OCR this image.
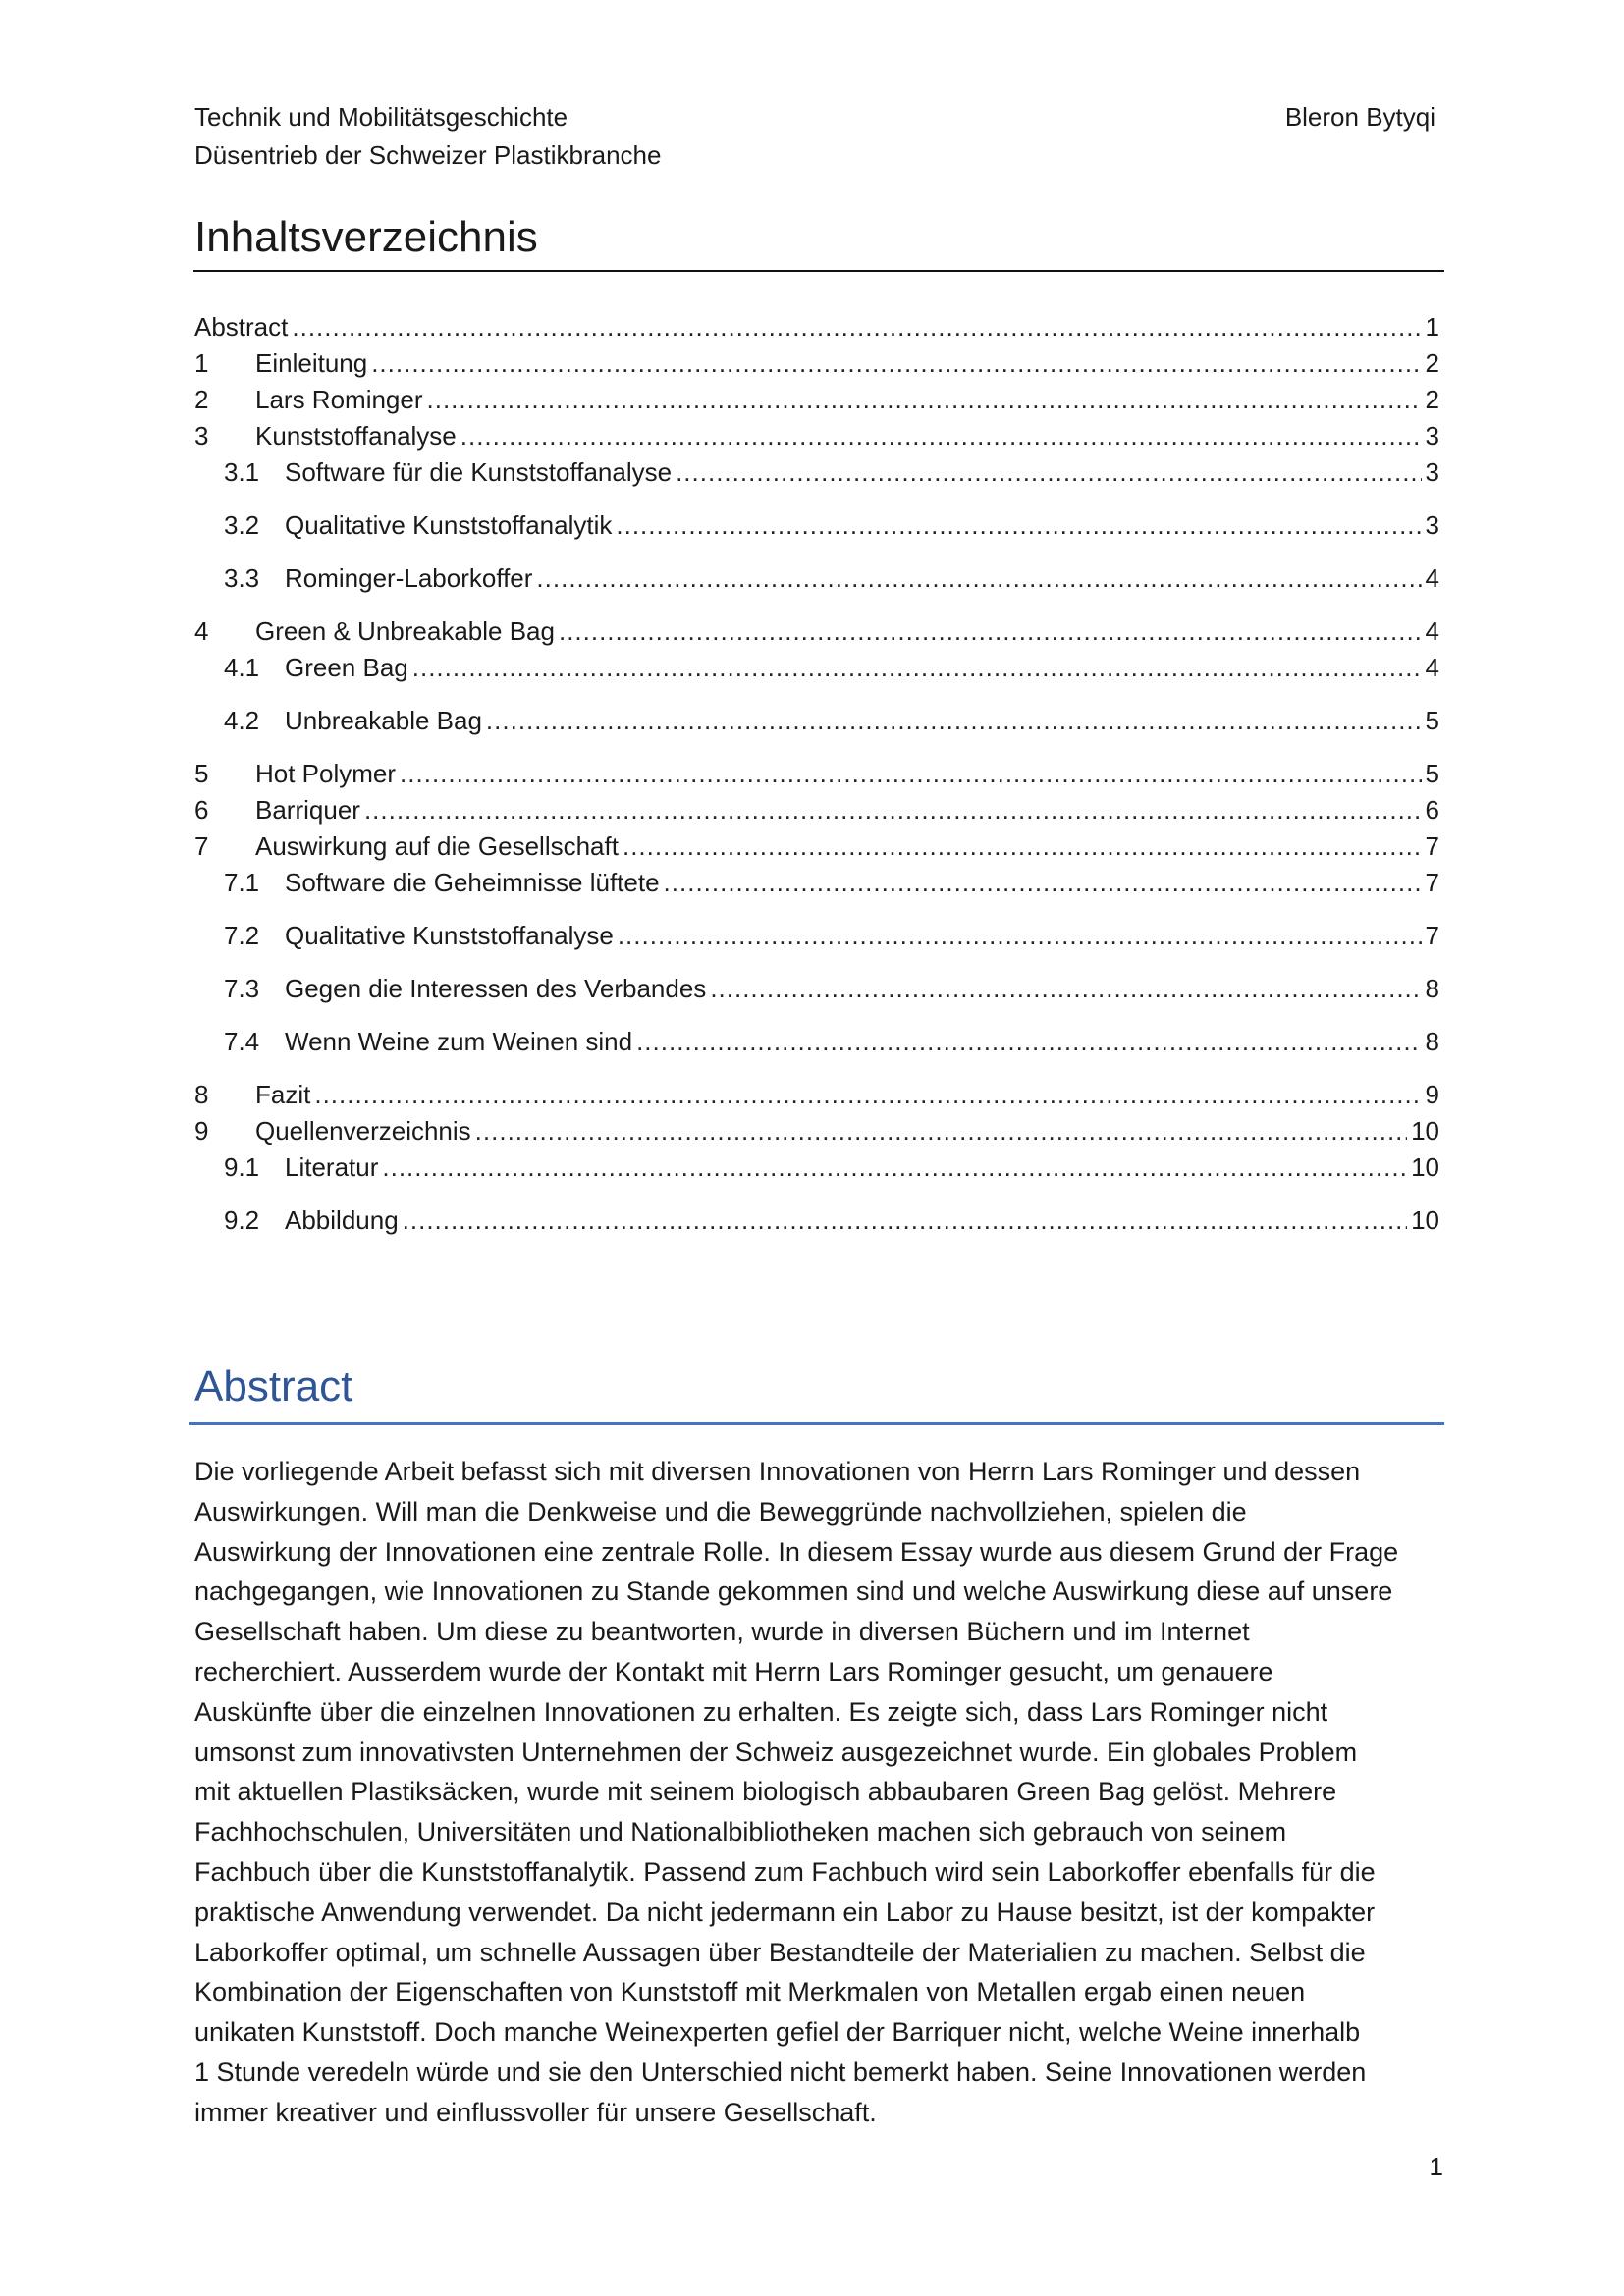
Technik und Mobilitätsgeschichte
Düsentrieb der Schweizer Plastikbranche
Bleron Bytyqi
Inhaltsverzeichnis
Abstract .....	1
1	Einleitung .....	2
2	Lars Rominger .....	2
3	Kunststoffanalyse .....	3
3.1 Software für die Kunststoffanalyse .....	3
3.2 Qualitative Kunststoffanalytik .....	3
3.3 Rominger-Laborkoffer .....	4
4	Green & Unbreakable Bag .....	4
4.1 Green Bag .....	4
4.2 Unbreakable Bag .....	5
5	Hot Polymer .....	5
6	Barriquer .....	6
7	Auswirkung auf die Gesellschaft .....	7
7.1 Software die Geheimnisse lüftete .....	7
7.2 Qualitative Kunststoffanalyse .....	7
7.3 Gegen die Interessen des Verbandes .....	8
7.4 Wenn Weine zum Weinen sind .....	8
8	Fazit .....	9
9	Quellenverzeichnis .....	10
9.1 Literatur .....	10
9.2 Abbildung .....	10
Abstract

Die vorliegende Arbeit befasst sich mit diversen Innovationen von Herrn Lars Rominger und dessen
Auswirkungen. Will man die Denkweise und die Beweggründe nachvollziehen, spielen die
Auswirkung der Innovationen eine zentrale Rolle. In diesem Essay wurde aus diesem Grund der Frage
nachgegangen, wie Innovationen zu Stande gekommen sind und welche Auswirkung diese auf unsere
Gesellschaft haben. Um diese zu beantworten, wurde in diversen Büchern und im Internet
recherchiert. Ausserdem wurde der Kontakt mit Herrn Lars Rominger gesucht, um genauere
Auskünfte über die einzelnen Innovationen zu erhalten. Es zeigte sich, dass Lars Rominger nicht
umsonst zum innovativsten Unternehmen der Schweiz ausgezeichnet wurde. Ein globales Problem
mit aktuellen Plastiksäcken, wurde mit seinem biologisch abbaubaren Green Bag gelöst. Mehrere
Fachhochschulen, Universitäten und Nationalbibliotheken machen sich gebrauch von seinem
Fachbuch über die Kunststoffanalytik. Passend zum Fachbuch wird sein Laborkoffer ebenfalls für die
praktische Anwendung verwendet. Da nicht jedermann ein Labor zu Hause besitzt, ist der kompakter
Laborkoffer optimal, um schnelle Aussagen über Bestandteile der Materialien zu machen. Selbst die
Kombination der Eigenschaften von Kunststoff mit Merkmalen von Metallen ergab einen neuen
unikaten Kunststoff. Doch manche Weinexperten gefiel der Barriquer nicht, welche Weine innerhalb
1 Stunde veredeln würde und sie den Unterschied nicht bemerkt haben. Seine Innovationen werden
immer kreativer und einflussvoller für unsere Gesellschaft.

1
